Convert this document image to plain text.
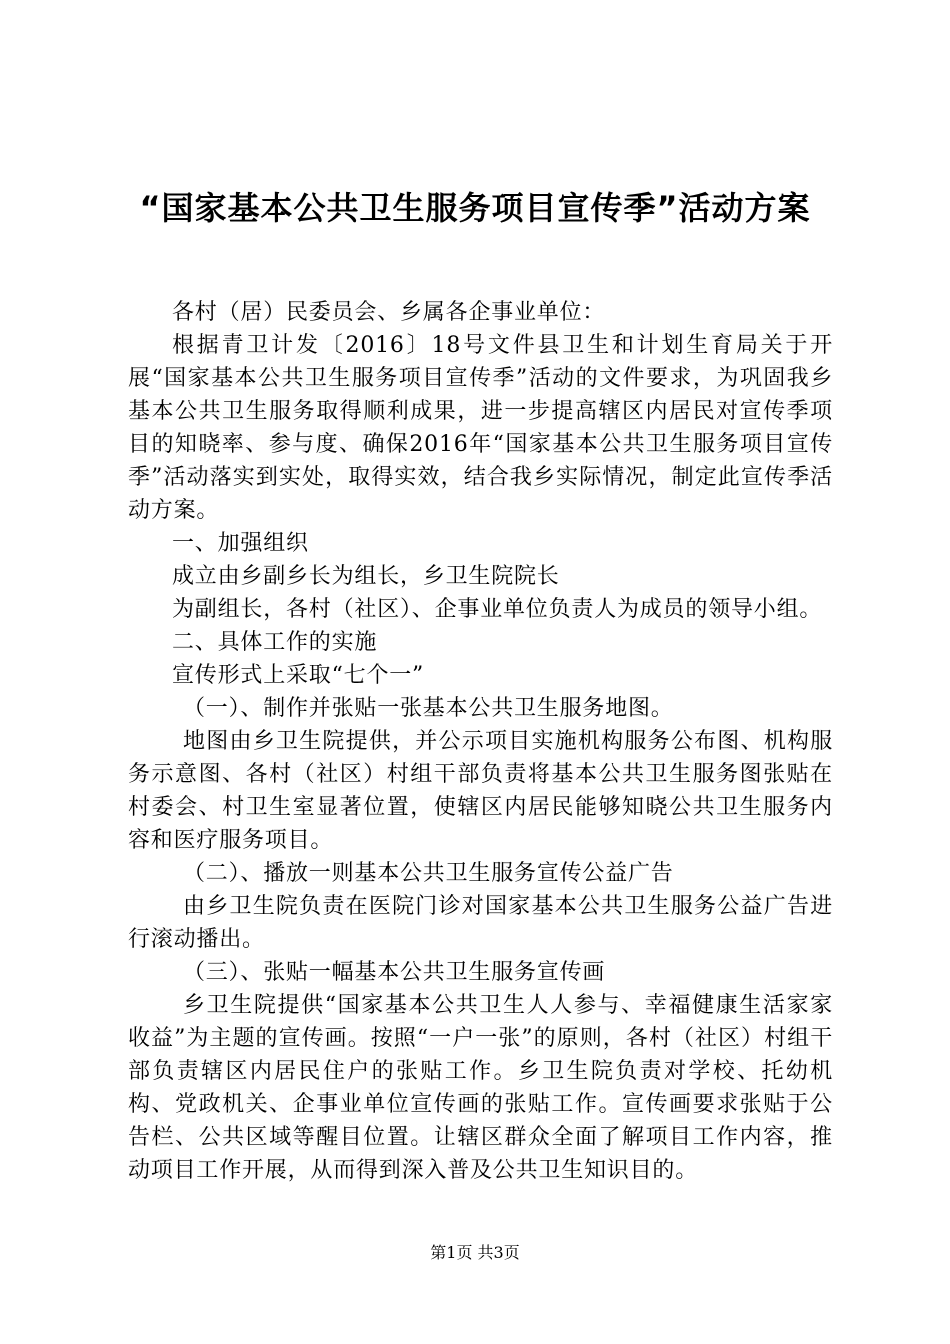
“国家基本公共卫生服务项目宣传季”活动方案

各村（居）民委员会、乡属各企事业单位：

根据青卫计发〔2016〕18号文件县卫生和计划生育局关于开展“国家基本公共卫生服务项目宣传季”活动的文件要求，为巩固我乡基本公共卫生服务取得顺利成果，进一步提高辖区内居民对宣传季项目的知晓率、参与度、确保2016年“国家基本公共卫生服务项目宣传季”活动落实到实处，取得实效，结合我乡实际情况，制定此宣传季活动方案。

一、加强组织

成立由乡副乡长为组长，乡卫生院院长

为副组长，各村（社区）、企事业单位负责人为成员的领导小组。

二、具体工作的实施

宣传形式上采取“七个一”

（一）、制作并张贴一张基本公共卫生服务地图。

地图由乡卫生院提供，并公示项目实施机构服务公布图、机构服务示意图、各村（社区）村组干部负责将基本公共卫生服务图张贴在村委会、村卫生室显著位置，使辖区内居民能够知晓公共卫生服务内容和医疗服务项目。

（二）、播放一则基本公共卫生服务宣传公益广告

由乡卫生院负责在医院门诊对国家基本公共卫生服务公益广告进行滚动播出。

（三）、张贴一幅基本公共卫生服务宣传画

乡卫生院提供“国家基本公共卫生人人参与、幸福健康生活家家收益”为主题的宣传画。按照“一户一张”的原则，各村（社区）村组干部负责辖区内居民住户的张贴工作。乡卫生院负责对学校、托幼机构、党政机关、企事业单位宣传画的张贴工作。宣传画要求张贴于公告栏、公共区域等醒目位置。让辖区群众全面了解项目工作内容，推动项目工作开展，从而得到深入普及公共卫生知识目的。

第1页 共3页
